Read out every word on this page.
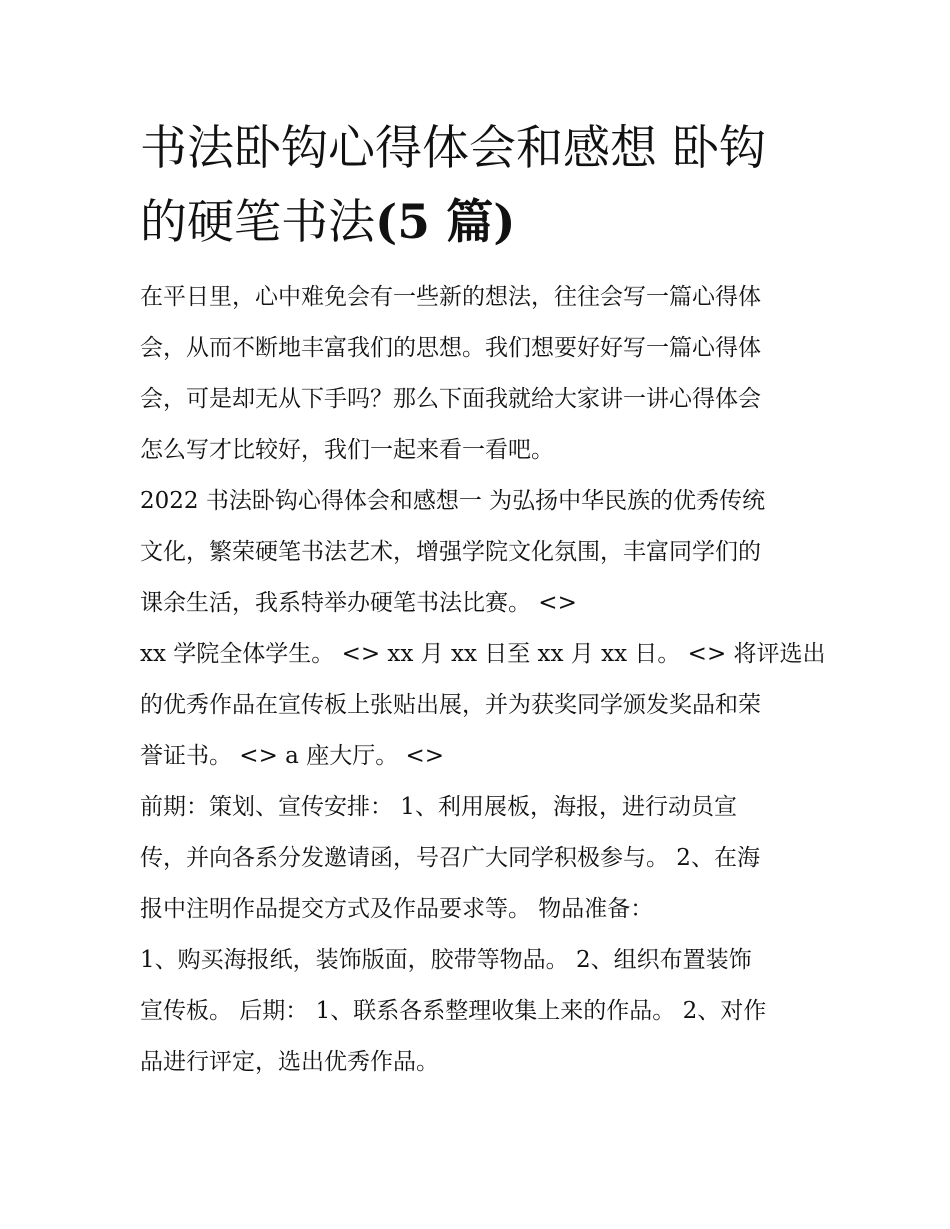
书法卧钩心得体会和感想 卧钩
的硬笔书法(5 篇)

在平日里，心中难免会有一些新的想法，往往会写一篇心得体
会，从而不断地丰富我们的思想。我们想要好好写一篇心得体
会，可是却无从下手吗？那么下面我就给大家讲一讲心得体会
怎么写才比较好，我们一起来看一看吧。

2022 书法卧钩心得体会和感想一 为弘扬中华民族的优秀传统
文化，繁荣硬笔书法艺术，增强学院文化氛围，丰富同学们的
课余生活，我系特举办硬笔书法比赛。 <>

xx 学院全体学生。 <> xx 月 xx 日至 xx 月 xx 日。 <> 将评选出
的优秀作品在宣传板上张贴出展，并为获奖同学颁发奖品和荣
誉证书。 <> a 座大厅。 <>

前期：策划、宣传安排： 1、利用展板，海报，进行动员宣
传，并向各系分发邀请函，号召广大同学积极参与。 2、在海
报中注明作品提交方式及作品要求等。 物品准备：

1、购买海报纸，装饰版面，胶带等物品。 2、组织布置装饰
宣传板。 后期： 1、联系各系整理收集上来的作品。 2、对作
品进行评定，选出优秀作品。
